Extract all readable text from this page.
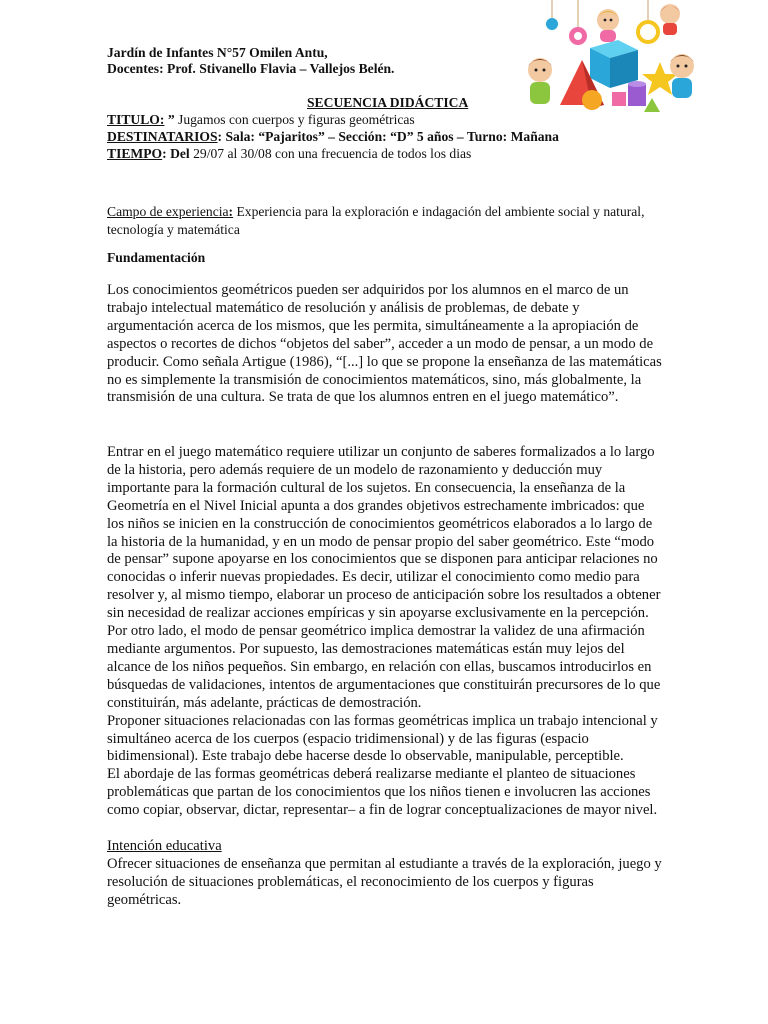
Jardín de Infantes N°57 Omilen Antu,
Docentes: Prof. Stivanello Flavia – Vallejos Belén.
SECUENCIA DIDÁCTICA
TITULO: ” Jugamos con cuerpos y figuras geométricas
DESTINATARIOS: Sala: “Pajaritos” – Sección: “D” 5 años – Turno: Mañana
TIEMPO: Del 29/07 al 30/08 con una frecuencia de todos los dias
Campo de experiencia: Experiencia para la exploración e indagación del ambiente social y natural, tecnología y matemática
Fundamentación
Los conocimientos geométricos pueden ser adquiridos por los alumnos en el marco de un trabajo intelectual matemático de resolución y análisis de problemas, de debate y argumentación acerca de los mismos, que les permita, simultáneamente a la apropiación de aspectos o recortes de dichos “objetos del saber”, acceder a un modo de pensar, a un modo de producir. Como señala Artigue (1986), “[...] lo que se propone la enseñanza de las matemáticas no es simplemente la transmisión de conocimientos matemáticos, sino, más globalmente, la transmisión de una cultura. Se trata de que los alumnos entren en el juego matemático”.
Entrar en el juego matemático requiere utilizar un conjunto de saberes formalizados a lo largo de la historia, pero además requiere de un modelo de razonamiento y deducción muy importante para la formación cultural de los sujetos. En consecuencia, la enseñanza de la Geometría en el Nivel Inicial apunta a dos grandes objetivos estrechamente imbricados: que los niños se inicien en la construcción de conocimientos geométricos elaborados a lo largo de la historia de la humanidad, y en un modo de pensar propio del saber geométrico. Este “modo de pensar” supone apoyarse en los conocimientos que se disponen para anticipar relaciones no conocidas o inferir nuevas propiedades. Es decir, utilizar el conocimiento como medio para resolver y, al mismo tiempo, elaborar un proceso de anticipación sobre los resultados a obtener sin necesidad de realizar acciones empíricas y sin apoyarse exclusivamente en la percepción. Por otro lado, el modo de pensar geométrico implica demostrar la validez de una afirmación mediante argumentos. Por supuesto, las demostraciones matemáticas están muy lejos del alcance de los niños pequeños. Sin embargo, en relación con ellas, buscamos introducirlos en búsquedas de validaciones, intentos de argumentaciones que constituirán precursores de lo que constituirán, más adelante, prácticas de demostración.
Proponer situaciones relacionadas con las formas geométricas implica un trabajo intencional y simultáneo acerca de los cuerpos (espacio tridimensional) y de las figuras (espacio bidimensional). Este trabajo debe hacerse desde lo observable, manipulable, perceptible.
El abordaje de las formas geométricas deberá realizarse mediante el planteo de situaciones problemáticas que partan de los conocimientos que los niños tienen e involucren las acciones como copiar, observar, dictar, representar– a fin de lograr conceptualizaciones de mayor nivel.
Intención educativa
Ofrecer situaciones de enseñanza que permitan al estudiante a través de la exploración, juego y resolución de situaciones problemáticas, el reconocimiento de los cuerpos y figuras geométricas.
